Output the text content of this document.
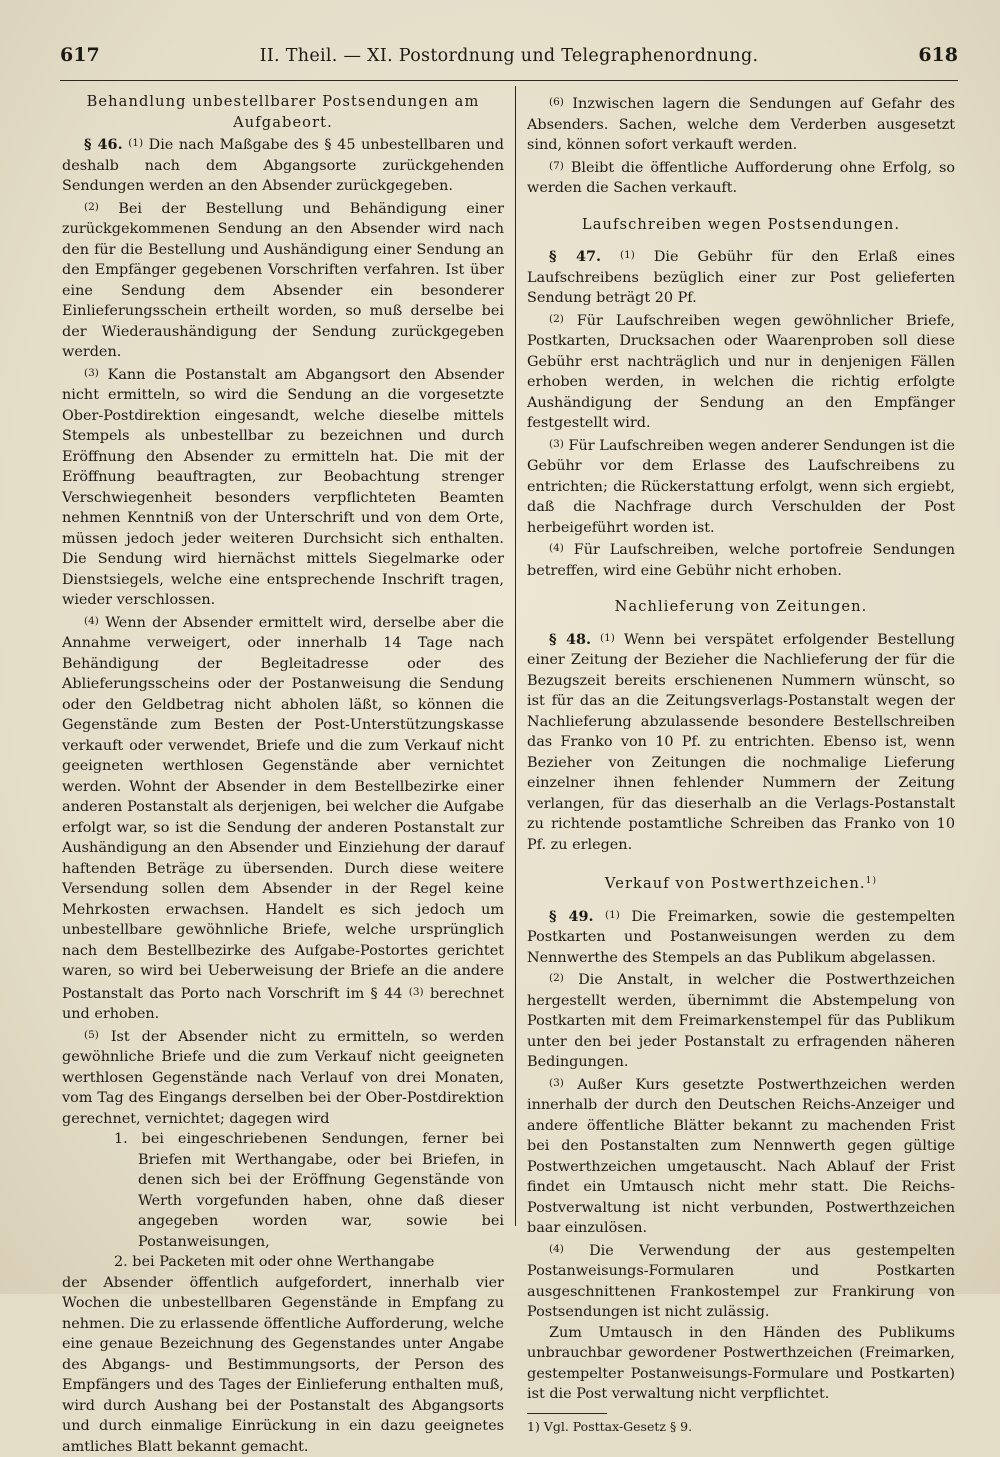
617	II. Theil. — XI. Postordnung und Telegraphenordnung.	618

Behandlung unbestellbarer Postsendungen am Aufgabeort.

§ 46. $^{(1)}$ Die nach Maßgabe des § 45 unbestellbaren und deshalb nach dem Abgangsorte zurückgehenden Sendungen werden an den Absender zurückgegeben.

$^{(2)}$ Bei der Bestellung und Behändigung einer zurückgekommenen Sendung an den Absender wird nach den für die Bestellung und Aushändigung einer Sendung an den Empfänger gegebenen Vorschriften verfahren. Ist über eine Sendung dem Absender ein besonderer Einlieferungsschein ertheilt worden, so muß derselbe bei der Wiederaushändigung der Sendung zurückgegeben werden.

$^{(3)}$ Kann die Postanstalt am Abgangsort den Absender nicht ermitteln, so wird die Sendung an die vorgesetzte Ober-Postdirektion eingesandt, welche dieselbe mittels Stempels als unbestellbar zu bezeichnen und durch Eröffnung den Absender zu ermitteln hat. Die mit der Eröffnung beauftragten, zur Beobachtung strenger Verschwiegenheit besonders verpflichteten Beamten nehmen Kenntniß von der Unterschrift und von dem Orte, müssen jedoch jeder weiteren Durchsicht sich enthalten. Die Sendung wird hiernächst mittels Siegelmarke oder Dienstsiegels, welche eine entsprechende Inschrift tragen, wieder verschlossen.

$^{(4)}$ Wenn der Absender ermittelt wird, derselbe aber die Annahme verweigert, oder innerhalb 14 Tage nach Behändigung der Begleitadresse oder des Ablieferungsscheins oder der Postanweisung die Sendung oder den Geldbetrag nicht abholen läßt, so können die Gegenstände zum Besten der Post-Unterstützungskasse verkauft oder verwendet, Briefe und die zum Verkauf nicht geeigneten werthlosen Gegenstände aber vernichtet werden. Wohnt der Absender in dem Bestellbezirke einer anderen Postanstalt als derjenigen, bei welcher die Aufgabe erfolgt war, so ist die Sendung der anderen Postanstalt zur Aushändigung an den Absender und Einziehung der darauf haftenden Beträge zu übersenden. Durch diese weitere Versendung sollen dem Absender in der Regel keine Mehrkosten erwachsen. Handelt es sich jedoch um unbestellbare gewöhnliche Briefe, welche ursprünglich nach dem Bestellbezirke des Aufgabe-Postortes gerichtet waren, so wird bei Ueberweisung der Briefe an die andere Postanstalt das Porto nach Vorschrift im § 44 $^{(3)}$ berechnet und erhoben.

$^{(5)}$ Ist der Absender nicht zu ermitteln, so werden gewöhnliche Briefe und die zum Verkauf nicht geeigneten werthlosen Gegenstände nach Verlauf von drei Monaten, vom Tag des Eingangs derselben bei der Ober-Postdirektion gerechnet, vernichtet; dagegen wird

1. bei eingeschriebenen Sendungen, ferner bei Briefen mit Werthangabe, oder bei Briefen, in denen sich bei der Eröffnung Gegenstände von Werth vorgefunden haben, ohne daß dieser angegeben worden war, sowie bei Postanweisungen,

2. bei Packeten mit oder ohne Werthangabe

der Absender öffentlich aufgefordert, innerhalb vier Wochen die unbestellbaren Gegenstände in Empfang zu nehmen. Die zu erlassende öffentliche Aufforderung, welche eine genaue Bezeichnung des Gegenstandes unter Angabe des Abgangs- und Bestimmungsorts, der Person des Empfängers und des Tages der Einlieferung enthalten muß, wird durch Aushang bei der Postanstalt des Abgangsorts und durch einmalige Einrückung in ein dazu geeignetes amtliches Blatt bekannt gemacht.

$^{(6)}$ Inzwischen lagern die Sendungen auf Gefahr des Absenders. Sachen, welche dem Verderben ausgesetzt sind, können sofort verkauft werden.

$^{(7)}$ Bleibt die öffentliche Aufforderung ohne Erfolg, so werden die Sachen verkauft.

Laufschreiben wegen Postsendungen.

§ 47. $^{(1)}$ Die Gebühr für den Erlaß eines Laufschreibens bezüglich einer zur Post gelieferten Sendung beträgt 20 Pf.

$^{(2)}$ Für Laufschreiben wegen gewöhnlicher Briefe, Postkarten, Drucksachen oder Waarenproben soll diese Gebühr erst nachträglich und nur in denjenigen Fällen erhoben werden, in welchen die richtig erfolgte Aushändigung der Sendung an den Empfänger festgestellt wird.

$^{(3)}$ Für Laufschreiben wegen anderer Sendungen ist die Gebühr vor dem Erlasse des Laufschreibens zu entrichten; die Rückerstattung erfolgt, wenn sich ergiebt, daß die Nachfrage durch Verschulden der Post herbeigeführt worden ist.

$^{(4)}$ Für Laufschreiben, welche portofreie Sendungen betreffen, wird eine Gebühr nicht erhoben.

Nachlieferung von Zeitungen.

§ 48. $^{(1)}$ Wenn bei verspätet erfolgender Bestellung einer Zeitung der Bezieher die Nachlieferung der für die Bezugszeit bereits erschienenen Nummern wünscht, so ist für das an die Zeitungsverlags-Postanstalt wegen der Nachlieferung abzulassende besondere Bestellschreiben das Franko von 10 Pf. zu entrichten. Ebenso ist, wenn Bezieher von Zeitungen die nochmalige Lieferung einzelner ihnen fehlender Nummern der Zeitung verlangen, für das dieserhalb an die Verlags-Postanstalt zu richtende postamtliche Schreiben das Franko von 10 Pf. zu erlegen.

Verkauf von Postwerthzeichen.$^{1)}$

§ 49. $^{(1)}$ Die Freimarken, sowie die gestempelten Postkarten und Postanweisungen werden zu dem Nennwerthe des Stempels an das Publikum abgelassen.

$^{(2)}$ Die Anstalt, in welcher die Postwerthzeichen hergestellt werden, übernimmt die Abstempelung von Postkarten mit dem Freimarkenstempel für das Publikum unter den bei jeder Postanstalt zu erfragenden näheren Bedingungen.

$^{(3)}$ Außer Kurs gesetzte Postwerthzeichen werden innerhalb der durch den Deutschen Reichs-Anzeiger und andere öffentliche Blätter bekannt zu machenden Frist bei den Postanstalten zum Nennwerth gegen gültige Postwerthzeichen umgetauscht. Nach Ablauf der Frist findet ein Umtausch nicht mehr statt. Die Reichs-Postverwaltung ist nicht verbunden, Postwerthzeichen baar einzulösen.

$^{(4)}$ Die Verwendung der aus gestempelten Postanweisungs-Formularen und Postkarten ausgeschnittenen Frankostempel zur Frankirung von Postsendungen ist nicht zulässig.

Zum Umtausch in den Händen des Publikums unbrauchbar gewordener Postwerthzeichen (Freimarken, gestempelter Postanweisungs-Formulare und Postkarten) ist die Post verwaltung nicht verpflichtet.

1) Vgl. Posttax-Gesetz § 9.
